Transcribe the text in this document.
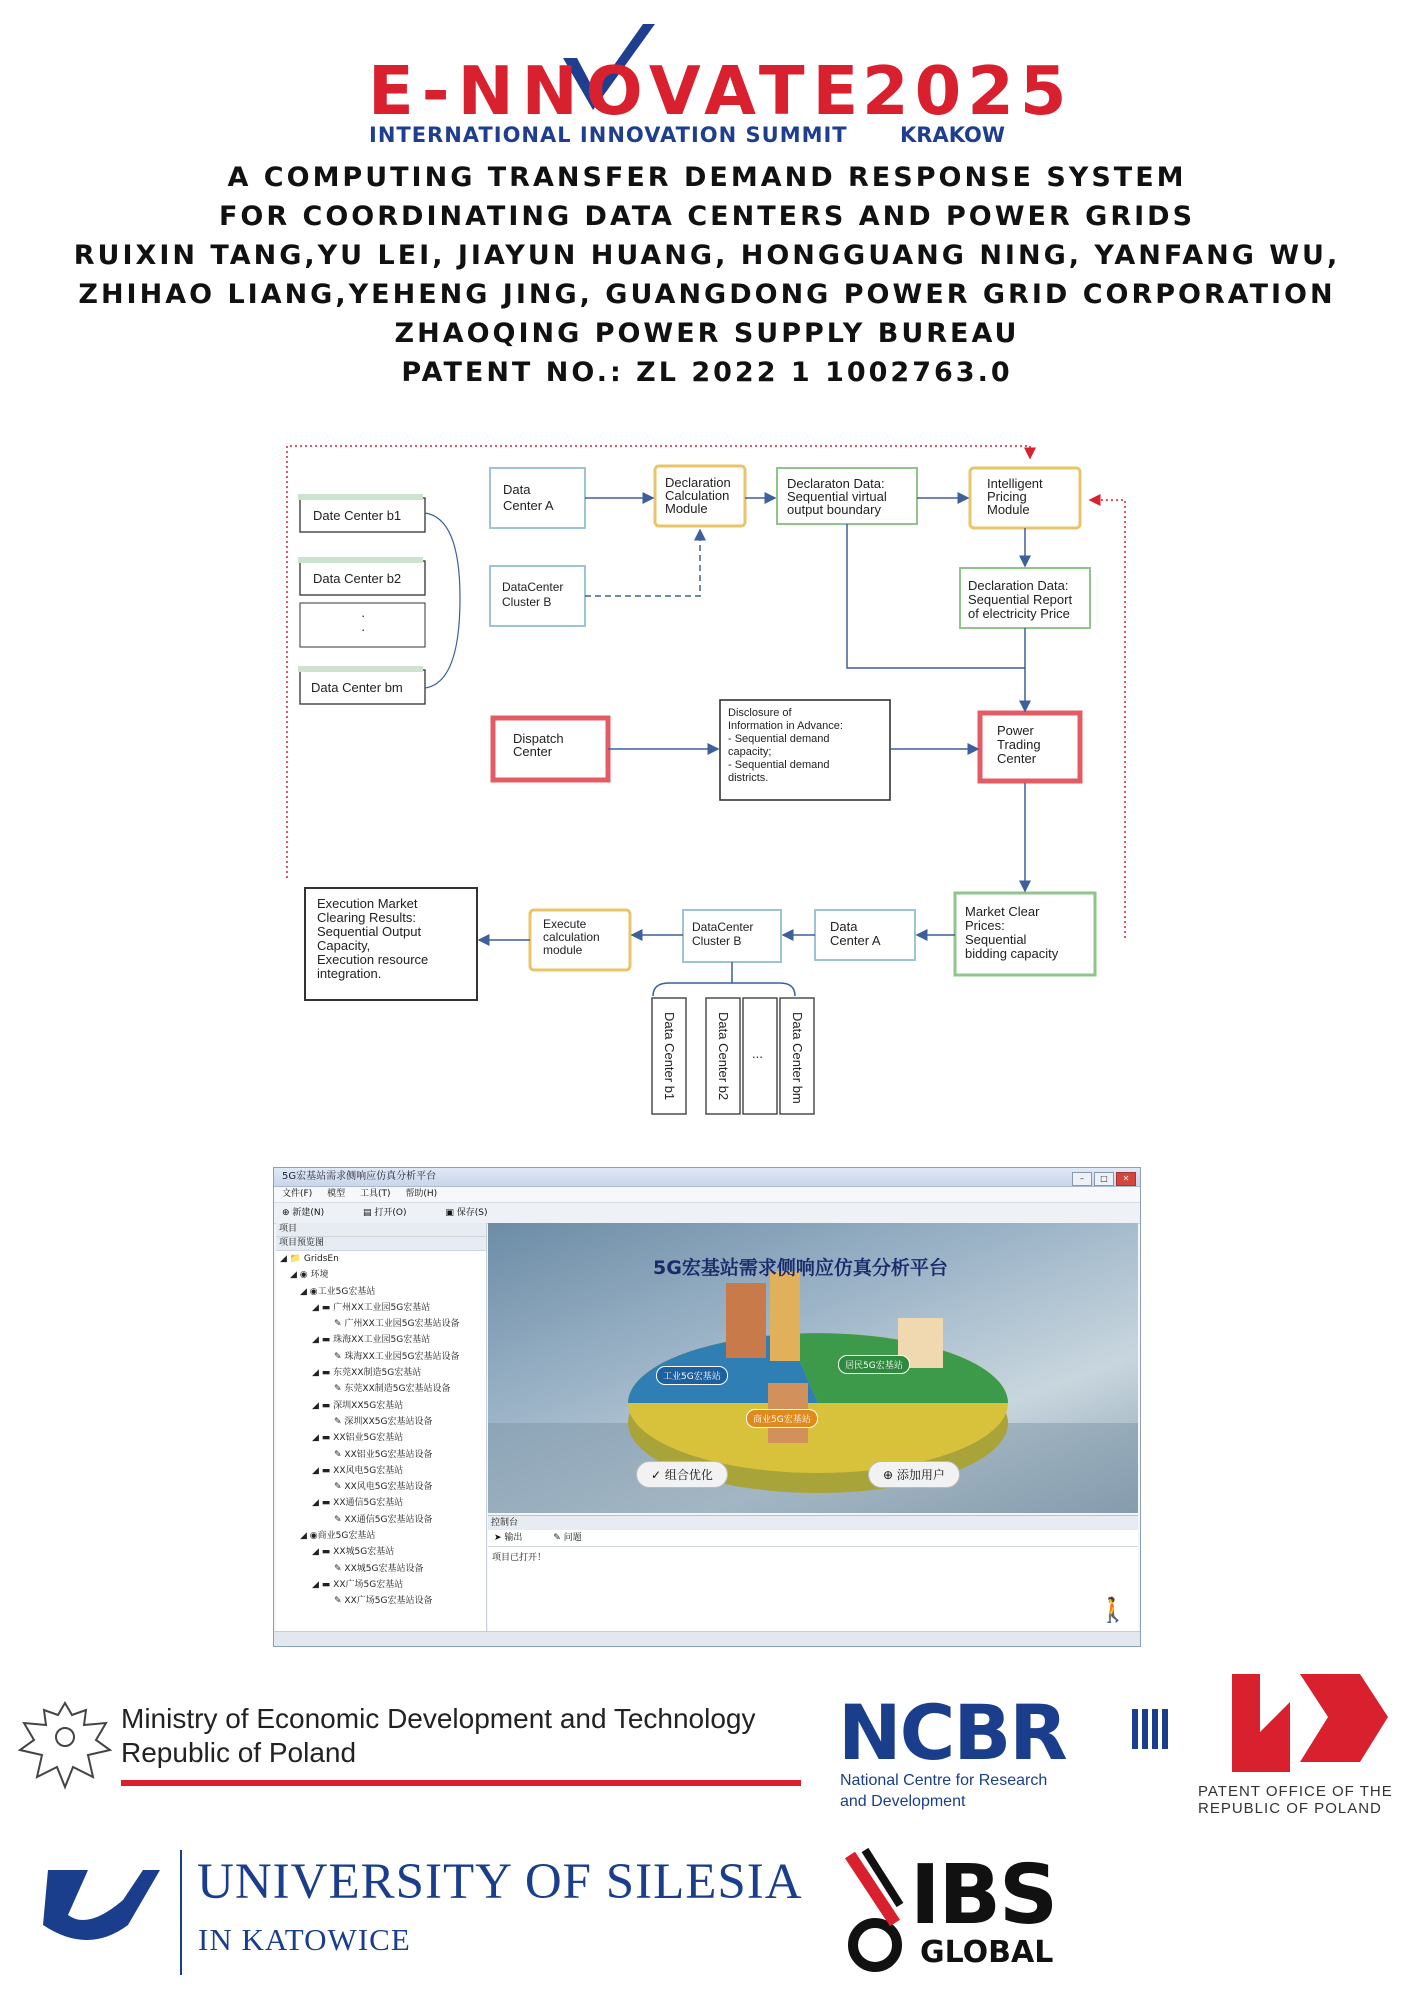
E-NNOVATE
2025
INTERNATIONAL INNOVATION SUMMIT KRAKOW
A COMPUTING TRANSFER DEMAND RESPONSE SYSTEM
FOR COORDINATING DATA CENTERS AND POWER GRIDS
RUIXIN TANG,YU LEI, JIAYUN HUANG, HONGGUANG NING, YANFANG WU,
ZHIHAO LIANG,YEHENG JING, GUANGDONG POWER GRID CORPORATION
ZHAOQING POWER SUPPLY BUREAU
PATENT NO.: ZL 2022 1 1002763.0
Date Center b1
Data Center b2
·
·
Data Center bm
Data
Center A
DataCenter
Cluster B
Declaration
Calculation
Module
Declaraton Data:
Sequential virtual
output boundary
Intelligent
Pricing
Module
Declaration Data:
Sequential Report
of electricity Price
Dispatch
Center
Disclosure of
Information in Advance:
- Sequential demand
capacity;
- Sequential demand
districts.
Power
Trading
Center
Market Clear
Prices:
Sequential
bidding capacity
Data
Center A
DataCenter
Cluster B
Execute
calculation
module
Execution Market
Clearing Results:
Sequential Output
Capacity,
Execution resource
integration.
Data Center b1	Data Center b2 ... Data Center bm
5G宏基站需求侧响应仿真分析平台	– □ ✕
文件(F) 模型 工具(T) 帮助(H)
⊕ 新建(N)	▤ 打开(O)	▣ 保存(S)
项目
项目预览图
◢ 📁 GridsEn
◢ ◉ 环境
◢ ◉工业5G宏基站
◢ ▬ 广州XX工业园5G宏基站
✎ 广州XX工业园5G宏基站设备
◢ ▬ 珠海XX工业园5G宏基站
✎ 珠海XX工业园5G宏基站设备
◢ ▬ 东莞XX制造5G宏基站
✎ 东莞XX制造5G宏基站设备
◢ ▬ 深圳XX5G宏基站
✎ 深圳XX5G宏基站设备
◢ ▬ XX铝业5G宏基站
✎ XX铝业5G宏基站设备
◢ ▬ XX风电5G宏基站
✎ XX风电5G宏基站设备
◢ ▬ XX通信5G宏基站
✎ XX通信5G宏基站设备
◢ ◉商业5G宏基站
◢ ▬ XX城5G宏基站
✎ XX城5G宏基站设备
◢ ▬ XX广场5G宏基站
✎ XX广场5G宏基站设备
5G宏基站需求侧响应仿真分析平台
工业5G宏基站
居民5G宏基站
商业5G宏基站
✓ 组合优化	⊕ 添加用户
控制台
➤ 输出	✎ 问题
项目已打开！
🚶
Ministry of Economic Development and Technology
Republic of Poland	NCBR
National Centre for Research
and Development
PATENT OFFICE OF THE
REPUBLIC OF POLAND
UNIVERSITY OF SILESIA
IN KATOWICE	IBS
GLOBAL
